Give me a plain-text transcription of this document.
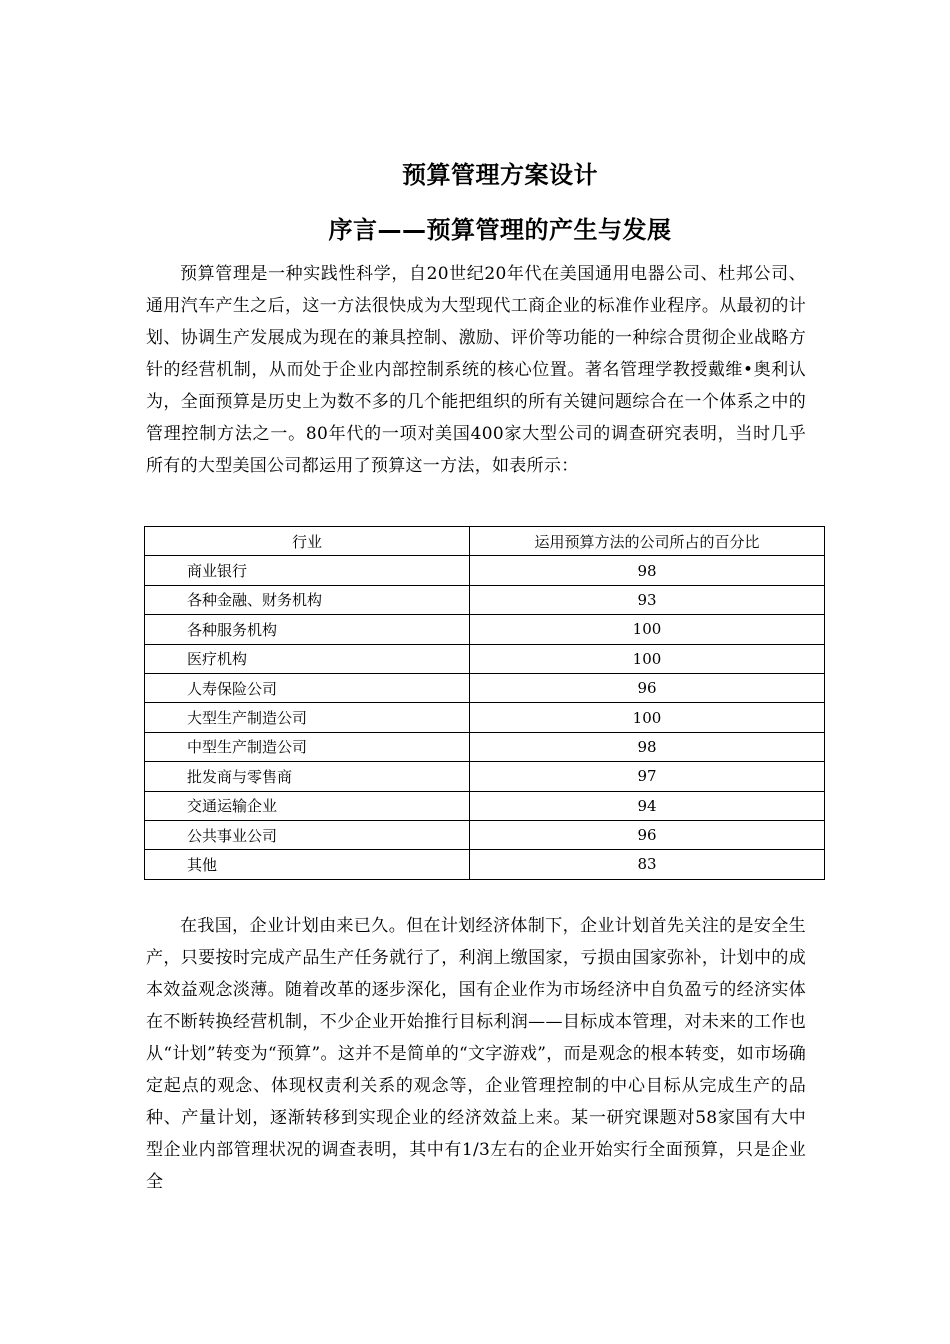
预算管理方案设计
序言——预算管理的产生与发展

预算管理是一种实践性科学，自20世纪20年代在美国通用电器公司、杜邦公司、通用汽车产生之后，这一方法很快成为大型现代工商企业的标准作业程序。从最初的计划、协调生产发展成为现在的兼具控制、激励、评价等功能的一种综合贯彻企业战略方针的经营机制，从而处于企业内部控制系统的核心位置。著名管理学教授戴维•奥利认为，全面预算是历史上为数不多的几个能把组织的所有关键问题综合在一个体系之中的管理控制方法之一。80年代的一项对美国400家大型公司的调查研究表明，当时几乎所有的大型美国公司都运用了预算这一方法，如表所示：

行业	运用预算方法的公司所占的百分比
商业银行	98
各种金融、财务机构	93
各种服务机构	100
医疗机构	100
人寿保险公司	96
大型生产制造公司	100
中型生产制造公司	98
批发商与零售商	97
交通运输企业	94
公共事业公司	96
其他	83

在我国，企业计划由来已久。但在计划经济体制下，企业计划首先关注的是安全生产，只要按时完成产品生产任务就行了，利润上缴国家，亏损由国家弥补，计划中的成本效益观念淡薄。随着改革的逐步深化，国有企业作为市场经济中自负盈亏的经济实体在不断转换经营机制，不少企业开始推行目标利润——目标成本管理，对未来的工作也从“计划”转变为“预算”。这并不是简单的“文字游戏”，而是观念的根本转变，如市场确定起点的观念、体现权责利关系的观念等，企业管理控制的中心目标从完成生产的品种、产量计划，逐渐转移到实现企业的经济效益上来。某一研究课题对58家国有大中型企业内部管理状况的调查表明，其中有1/3左右的企业开始实行全面预算，只是企业全
